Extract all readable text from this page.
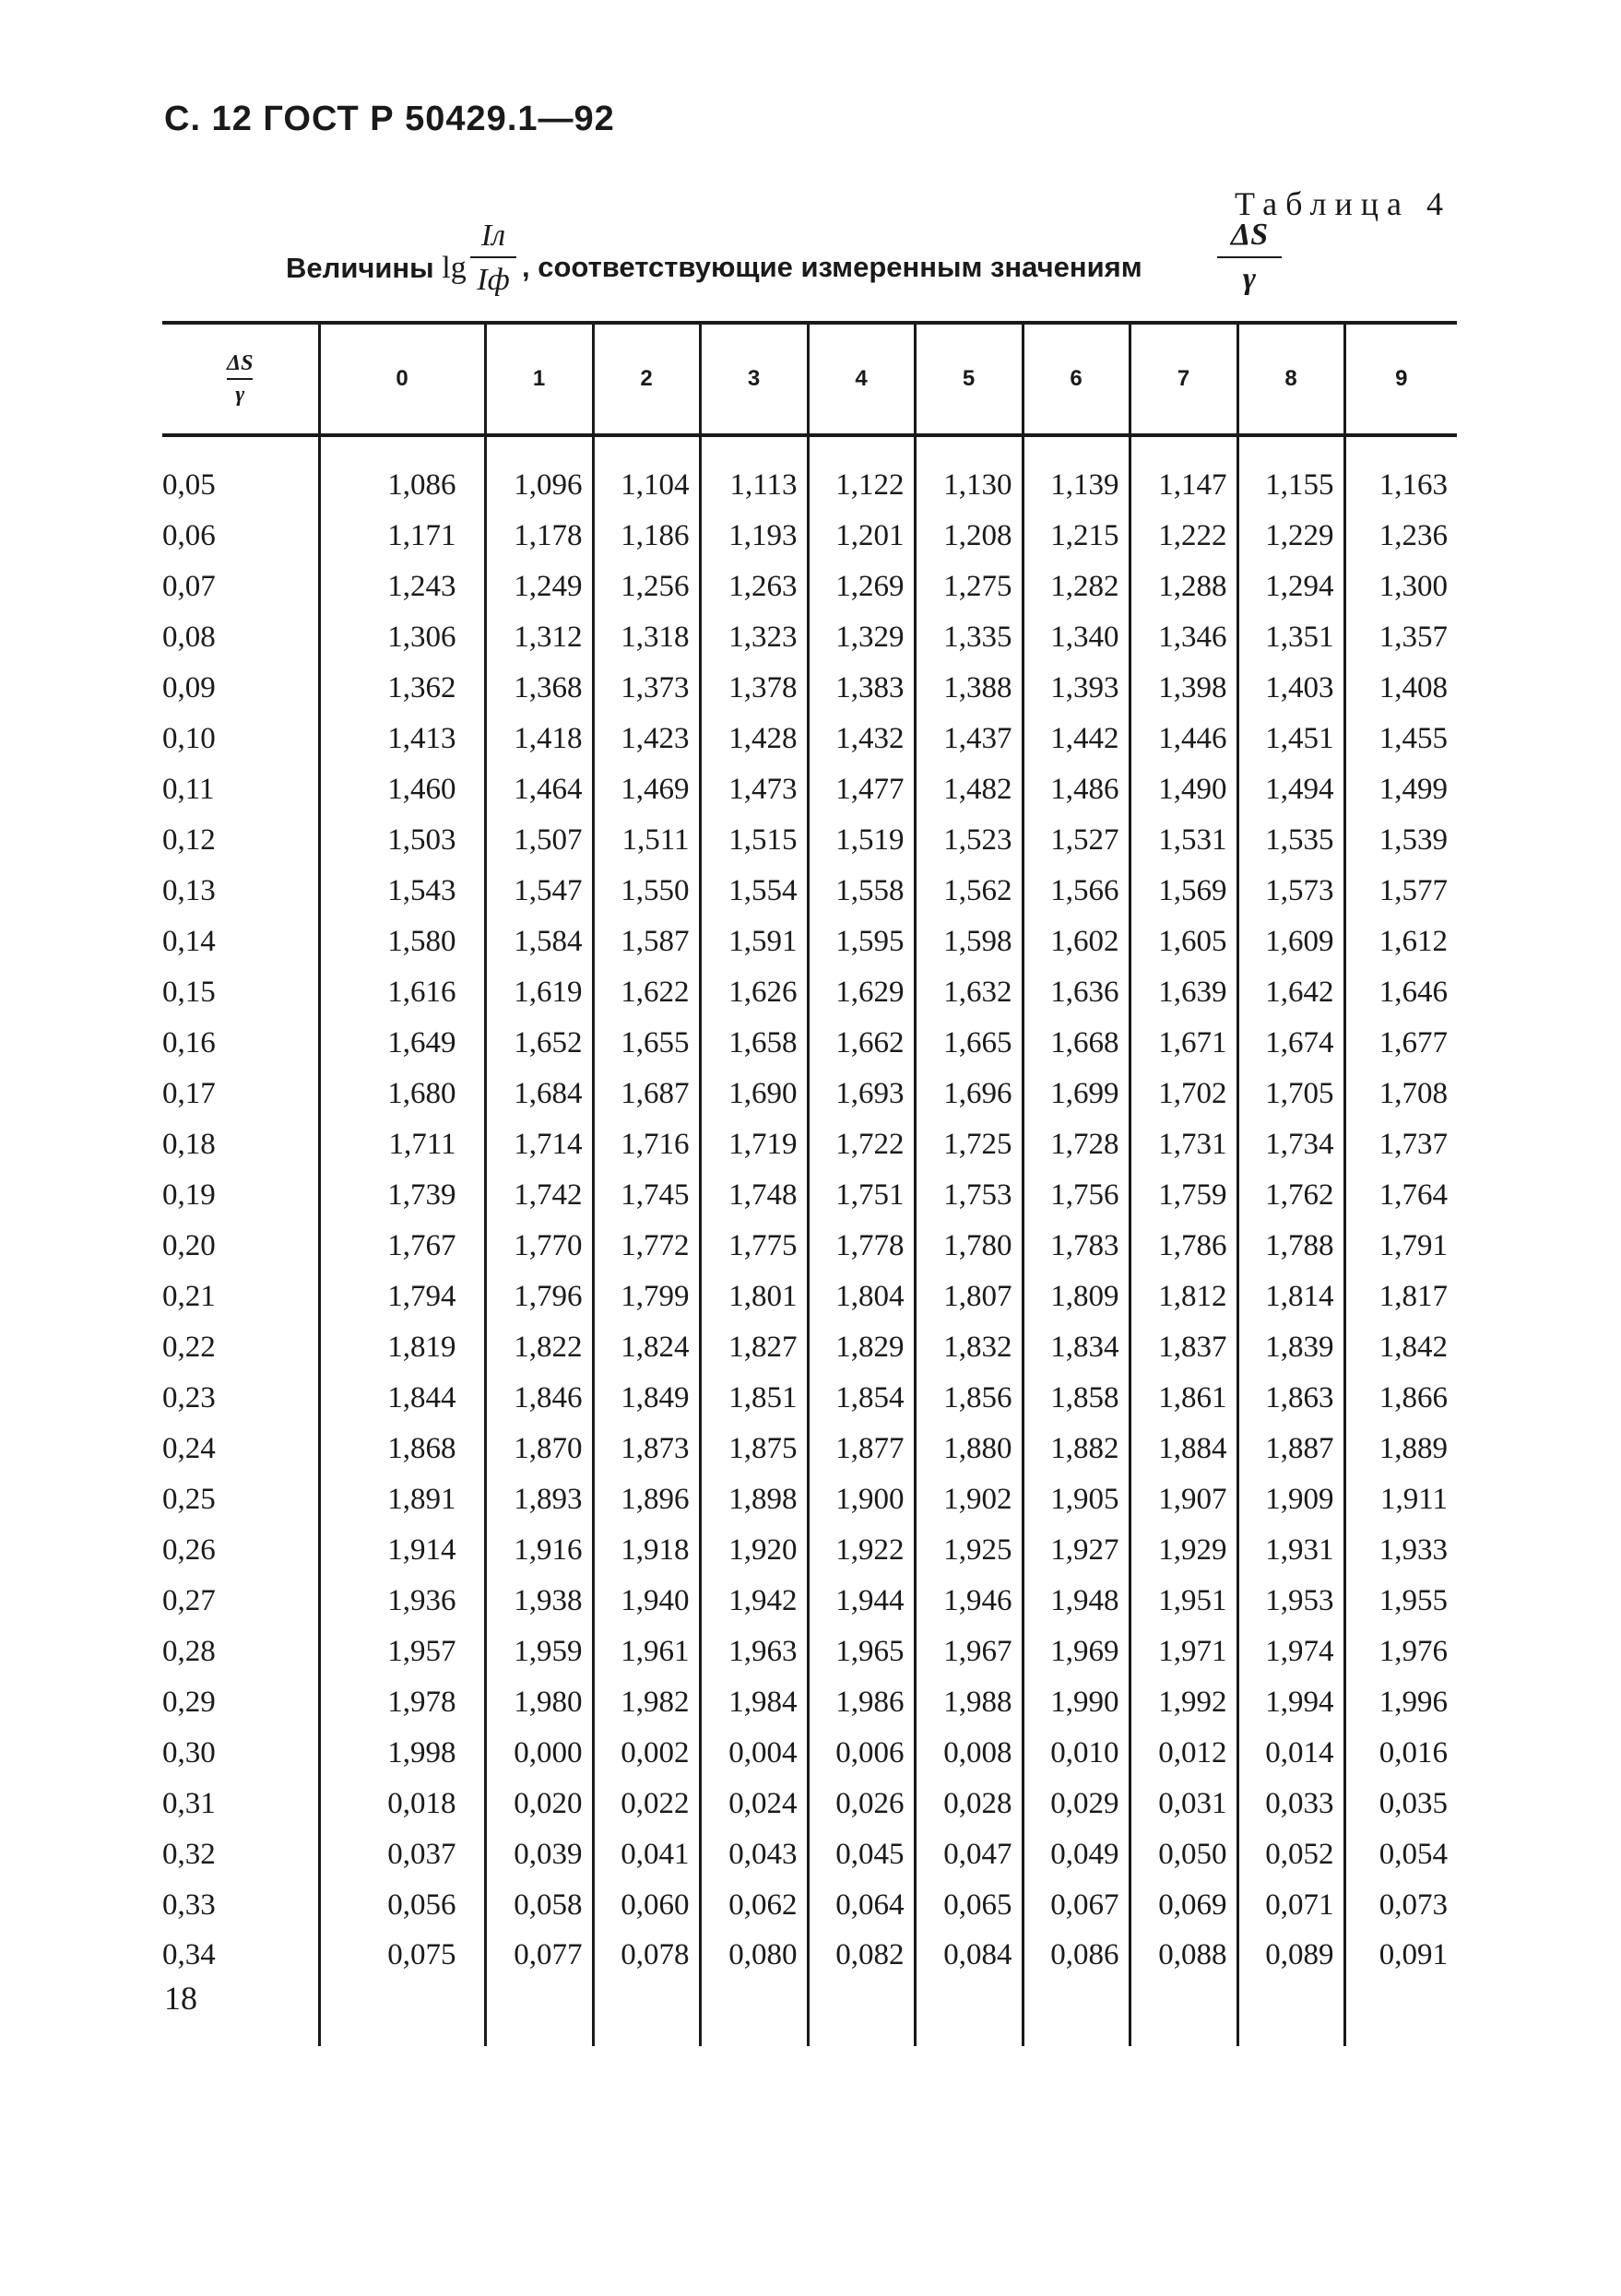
С. 12 ГОСТ Р 50429.1—92
Таблица 4
Величины lg
Iл
Iф , соответствующие измеренным значениям
ΔS
γ
$\frac{\Delta S}{\gamma}$	0	1	2	3	4	5	6	7	8	9
0,05	1,086	1,096	1,104	1,113	1,122	1,130	1,139	1,147	1,155	1,163
0,06	1,171	1,178	1,186	1,193	1,201	1,208	1,215	1,222	1,229	1,236
0,07	1,243	1,249	1,256	1,263	1,269	1,275	1,282	1,288	1,294	1,300
0,08	1,306	1,312	1,318	1,323	1,329	1,335	1,340	1,346	1,351	1,357
0,09	1,362	1,368	1,373	1,378	1,383	1,388	1,393	1,398	1,403	1,408
0,10	1,413	1,418	1,423	1,428	1,432	1,437	1,442	1,446	1,451	1,455
0,11	1,460	1,464	1,469	1,473	1,477	1,482	1,486	1,490	1,494	1,499
0,12	1,503	1,507	1,511	1,515	1,519	1,523	1,527	1,531	1,535	1,539
0,13	1,543	1,547	1,550	1,554	1,558	1,562	1,566	1,569	1,573	1,577
0,14	1,580	1,584	1,587	1,591	1,595	1,598	1,602	1,605	1,609	1,612
0,15	1,616	1,619	1,622	1,626	1,629	1,632	1,636	1,639	1,642	1,646
0,16	1,649	1,652	1,655	1,658	1,662	1,665	1,668	1,671	1,674	1,677
0,17	1,680	1,684	1,687	1,690	1,693	1,696	1,699	1,702	1,705	1,708
0,18	1,711	1,714	1,716	1,719	1,722	1,725	1,728	1,731	1,734	1,737
0,19	1,739	1,742	1,745	1,748	1,751	1,753	1,756	1,759	1,762	1,764
0,20	1,767	1,770	1,772	1,775	1,778	1,780	1,783	1,786	1,788	1,791
0,21	1,794	1,796	1,799	1,801	1,804	1,807	1,809	1,812	1,814	1,817
0,22	1,819	1,822	1,824	1,827	1,829	1,832	1,834	1,837	1,839	1,842
0,23	1,844	1,846	1,849	1,851	1,854	1,856	1,858	1,861	1,863	1,866
0,24	1,868	1,870	1,873	1,875	1,877	1,880	1,882	1,884	1,887	1,889
0,25	1,891	1,893	1,896	1,898	1,900	1,902	1,905	1,907	1,909	1,911
0,26	1,914	1,916	1,918	1,920	1,922	1,925	1,927	1,929	1,931	1,933
0,27	1,936	1,938	1,940	1,942	1,944	1,946	1,948	1,951	1,953	1,955
0,28	1,957	1,959	1,961	1,963	1,965	1,967	1,969	1,971	1,974	1,976
0,29	1,978	1,980	1,982	1,984	1,986	1,988	1,990	1,992	1,994	1,996
0,30	1,998	0,000	0,002	0,004	0,006	0,008	0,010	0,012	0,014	0,016
0,31	0,018	0,020	0,022	0,024	0,026	0,028	0,029	0,031	0,033	0,035
0,32	0,037	0,039	0,041	0,043	0,045	0,047	0,049	0,050	0,052	0,054
0,33	0,056	0,058	0,060	0,062	0,064	0,065	0,067	0,069	0,071	0,073
0,34	0,075	0,077	0,078	0,080	0,082	0,084	0,086	0,088	0,089	0,091
18
